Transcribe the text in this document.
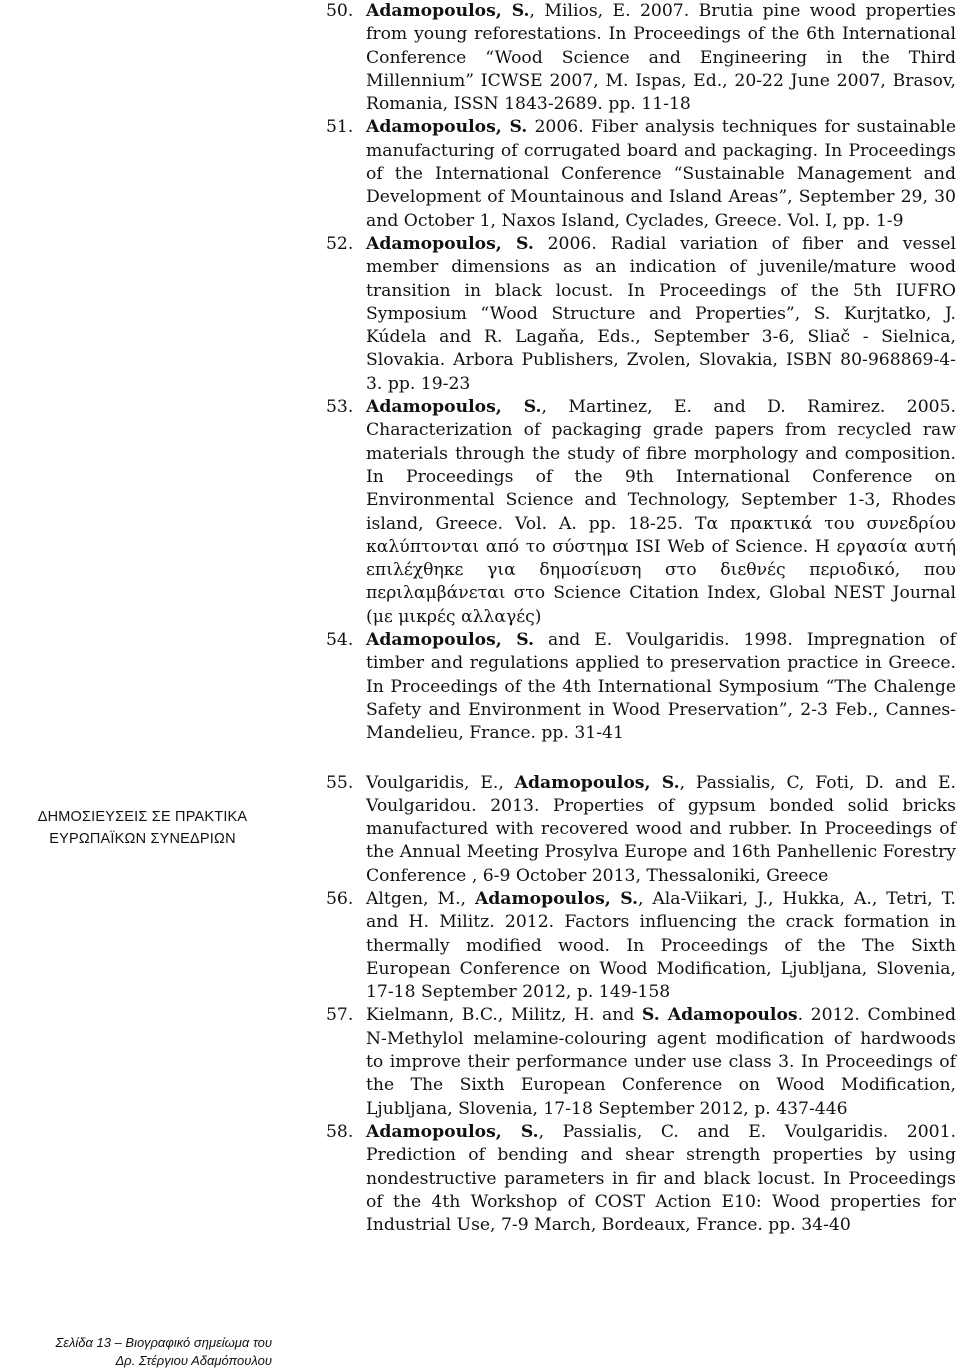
ΔΗΜΟΣΙΕΥΣΕΙΣ ΣΕ ΠΡΑΚΤΙΚΑ
ΕΥΡΩΠΑΪΚΩΝ ΣΥΝΕΔΡΙΩΝ
Σελίδα 13 – Βιογραφικό σημείωμα του
Δρ. Στέργιου Αδαμόπουλου
50. Adamopoulos, S., Milios, E. 2007. Brutia pine wood properties from young reforestations. In Proceedings of the 6th International Conference “Wood Science and Engineering in the Third Millennium” ICWSE 2007, M. Ispas, Ed., 20-22 June 2007, Brasov, Romania, ISSN 1843-2689. pp. 11-18
51. Adamopoulos, S. 2006. Fiber analysis techniques for sustainable manufacturing of corrugated board and packaging. In Proceedings of the International Conference “Sustainable Management and Development of Mountainous and Island Areas”, September 29, 30 and October 1, Naxos Island, Cyclades, Greece. Vol. I, pp. 1-9
52. Adamopoulos, S. 2006. Radial variation of fiber and vessel member dimensions as an indication of juvenile/mature wood transition in black locust. In Proceedings of the 5th IUFRO Symposium “Wood Structure and Properties”, S. Kurjtatko, J. Kúdela and R. Lagaňa, Eds., September 3-6, Sliač - Sielnica, Slovakia. Arbora Publishers, Zvolen, Slovakia, ISBN 80-968869-4-3. pp. 19-23
53. Adamopoulos, S., Martinez, E. and D. Ramirez. 2005. Characterization of packaging grade papers from recycled raw materials through the study of fibre morphology and composition. In Proceedings of the 9th International Conference on Environmental Science and Technology, September 1-3, Rhodes island, Greece. Vol. A. pp. 18-25. Τα πρακτικά του συνεδρίου καλύπτονται από το σύστημα ISI Web of Science. Η εργασία αυτή επιλέχθηκε για δημοσίευση στο διεθνές περιοδικό, που περιλαμβάνεται στο Science Citation Index, Global NEST Journal (με μικρές αλλαγές)
54. Adamopoulos, S. and E. Voulgaridis. 1998. Impregnation of timber and regulations applied to preservation practice in Greece. In Proceedings of the 4th International Symposium “The Chalenge Safety and Environment in Wood Preservation”, 2-3 Feb., Cannes-Mandelieu, France. pp. 31-41
55. Voulgaridis, E., Adamopoulos, S., Passialis, C, Foti, D. and E. Voulgaridou. 2013. Properties of gypsum bonded solid bricks manufactured with recovered wood and rubber. In Proceedings of the Annual Meeting Prosylva Europe and 16th Panhellenic Forestry Conference , 6-9 October 2013, Thessaloniki, Greece
56. Altgen, M., Adamopoulos, S., Ala-Viikari, J., Hukka, A., Tetri, T. and H. Militz. 2012. Factors influencing the crack formation in thermally modified wood. In Proceedings of the The Sixth European Conference on Wood Modification, Ljubljana, Slovenia, 17-18 September 2012, p. 149-158
57. Kielmann, B.C., Militz, H. and S. Adamopoulos. 2012. Combined N-Methylol melamine-colouring agent modification of hardwoods to improve their performance under use class 3. In Proceedings of the The Sixth European Conference on Wood Modification, Ljubljana, Slovenia, 17-18 September 2012, p. 437-446
58. Adamopoulos, S., Passialis, C. and E. Voulgaridis. 2001. Prediction of bending and shear strength properties by using nondestructive parameters in fir and black locust. In Proceedings of the 4th Workshop of COST Action E10: Wood properties for Industrial Use, 7-9 March, Bordeaux, France. pp. 34-40
